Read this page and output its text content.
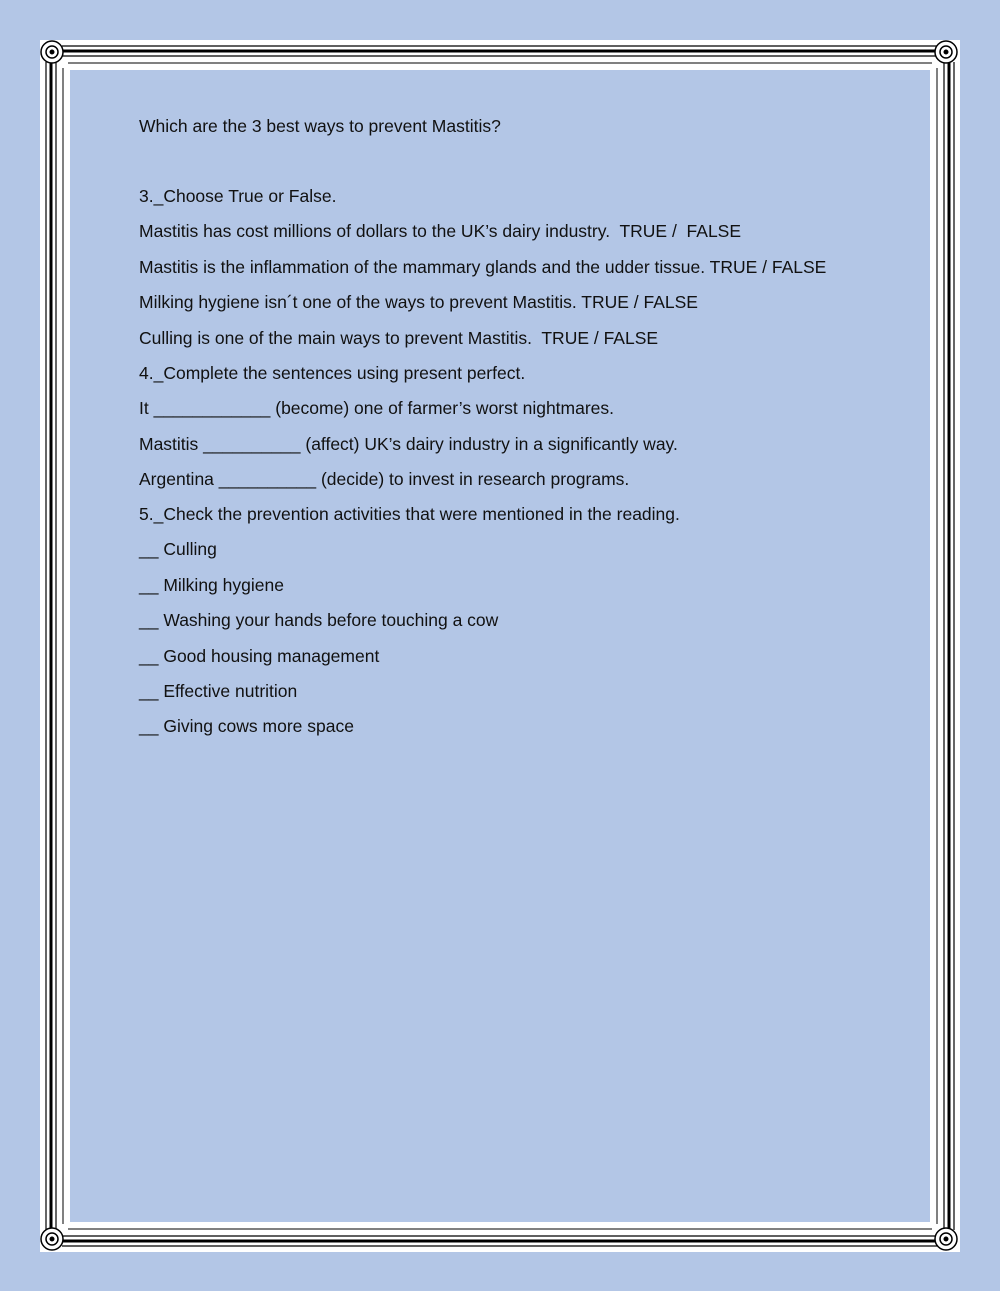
Which are the 3 best ways to prevent Mastitis?
3._Choose True or False.
Mastitis has cost millions of dollars to the UK’s dairy industry.  TRUE /  FALSE
Mastitis is the inflammation of the mammary glands and the udder tissue. TRUE / FALSE
Milking hygiene isn´t one of the ways to prevent Mastitis. TRUE / FALSE
Culling is one of the main ways to prevent Mastitis.  TRUE / FALSE
4._Complete the sentences using present perfect.
It ____________ (become) one of farmer’s worst nightmares.
Mastitis __________ (affect) UK’s dairy industry in a significantly way.
Argentina __________ (decide) to invest in research programs.
5._Check the prevention activities that were mentioned in the reading.
__ Culling
__ Milking hygiene
__ Washing your hands before touching a cow
__ Good housing management
__ Effective nutrition
__ Giving cows more space
